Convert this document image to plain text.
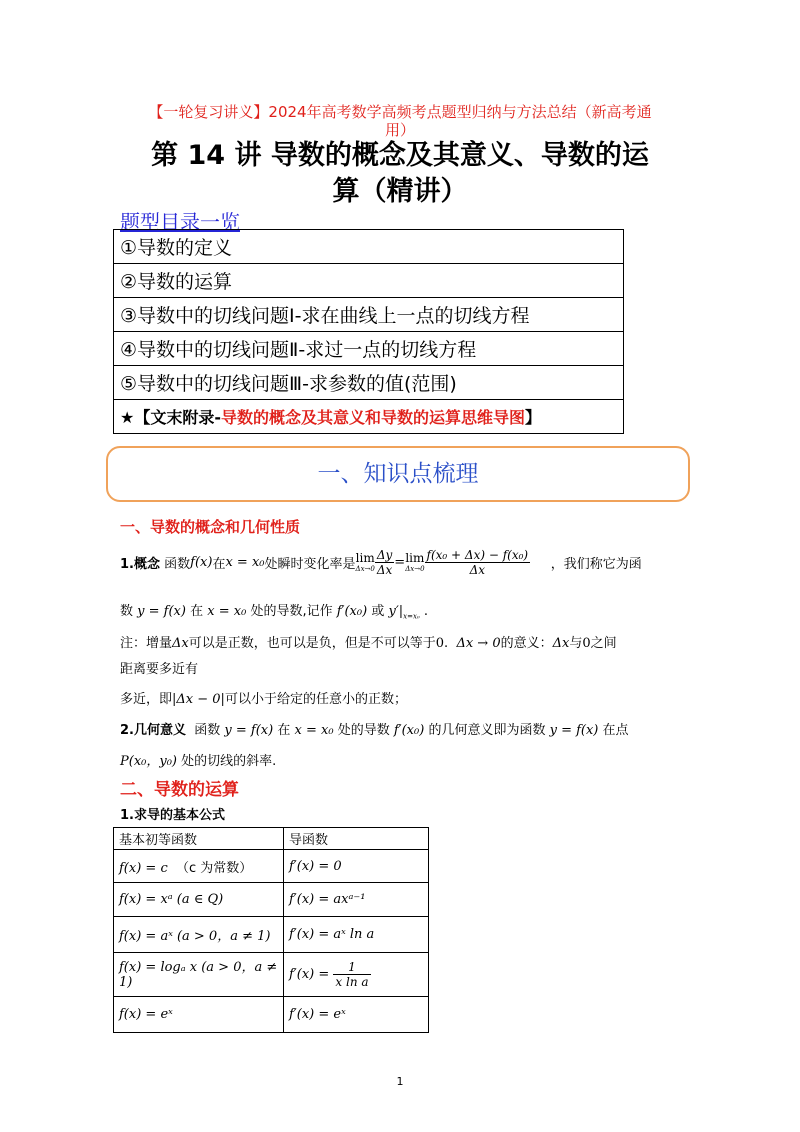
【一轮复习讲义】2024年高考数学高频考点题型归纳与方法总结（新高考通
用）
第 14 讲 导数的概念及其意义、导数的运
算（精讲）
题型目录一览
①导数的定义
②导数的运算
③导数中的切线问题Ⅰ-求在曲线上一点的切线方程
④导数中的切线问题Ⅱ-求过一点的切线方程
⑤导数中的切线问题Ⅲ-求参数的值(范围)
★【文末附录-导数的概念及其意义和导数的运算思维导图】
一、知识点梳理
一、导数的概念和几何性质
1.概念
函数 f(x) 在 x = x₀ 处瞬时变化率是 lim
$\Delta x\to 0 \frac{\Delta y}{\Delta x} = \lim$
$\Delta x\to 0 \frac{\text{f(x₀ + Δx) − f(x₀)}}{\Delta x}$
，我们称它为函
数 y = f(x) 在 x = x₀ 处的导数,记作 f′(x₀) 或 $y'|_{x=x_0}$ .
注：增量Δx可以是正数，也可以是负，但是不可以等于0. Δx → 0的意义：Δx与0之间
距离要多近有
多近，即|Δx − 0|可以小于给定的任意小的正数；
2.几何意义 函数 y = f(x) 在 x = x₀ 处的导数 f′(x₀) 的几何意义即为函数 y = f(x) 在点
P(x₀，y₀) 处的切线的斜率.
二、导数的运算
1.求导的基本公式
基本初等函数	导函数
f(x) = c （c 为常数）	f′(x) = 0
f(x) = xᵃ (a ∈ Q)	f′(x) = axᵃ⁻¹
f(x) = aˣ (a > 0，a ≠ 1)	f′(x) = aˣ ln a
f(x) = logₐ x (a > 0，a ≠ 1)	$f'(x) = \frac{1}{\text{x ln a}}$

f(x) = eˣ	f′(x) = eˣ
1
